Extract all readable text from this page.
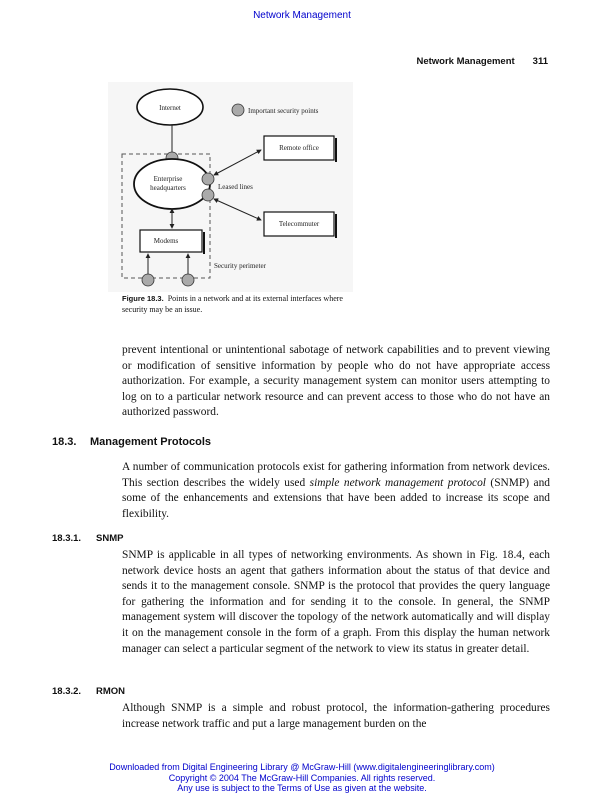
Network Management
Network Management 311
Internet	Important security points
Remote office
Enterprise
headquarters	Leased lines
Telecommuter
Modems
Security perimeter
Figure 18.3. Points in a network and at its external interfaces where security may be an issue.

prevent intentional or unintentional sabotage of network capabilities and to prevent viewing or modification of sensitive information by people who do not have appropriate access authorization. For example, a security management system can monitor users attempting to log on to a particular network resource and can prevent access to those who do not have an authorized password.

18.3. Management Protocols

A number of communication protocols exist for gathering information from network devices. This section describes the widely used simple network management protocol (SNMP) and some of the enhancements and extensions that have been added to increase its scope and flexibility.

18.3.1. SNMP

SNMP is applicable in all types of networking environments. As shown in Fig. 18.4, each network device hosts an agent that gathers information about the status of that device and sends it to the management console. SNMP is the protocol that provides the query language for gathering the information and for sending it to the console. In general, the SNMP management system will discover the topology of the network automatically and will display it on the management console in the form of a graph. From this display the human network manager can select a particular segment of the network to view its status in greater detail.

18.3.2. RMON

Although SNMP is a simple and robust protocol, the information-gathering procedures increase network traffic and put a large management burden on the

Downloaded from Digital Engineering Library @ McGraw-Hill (www.digitalengineeringlibrary.com)
Copyright © 2004 The McGraw-Hill Companies. All rights reserved.
Any use is subject to the Terms of Use as given at the website.
